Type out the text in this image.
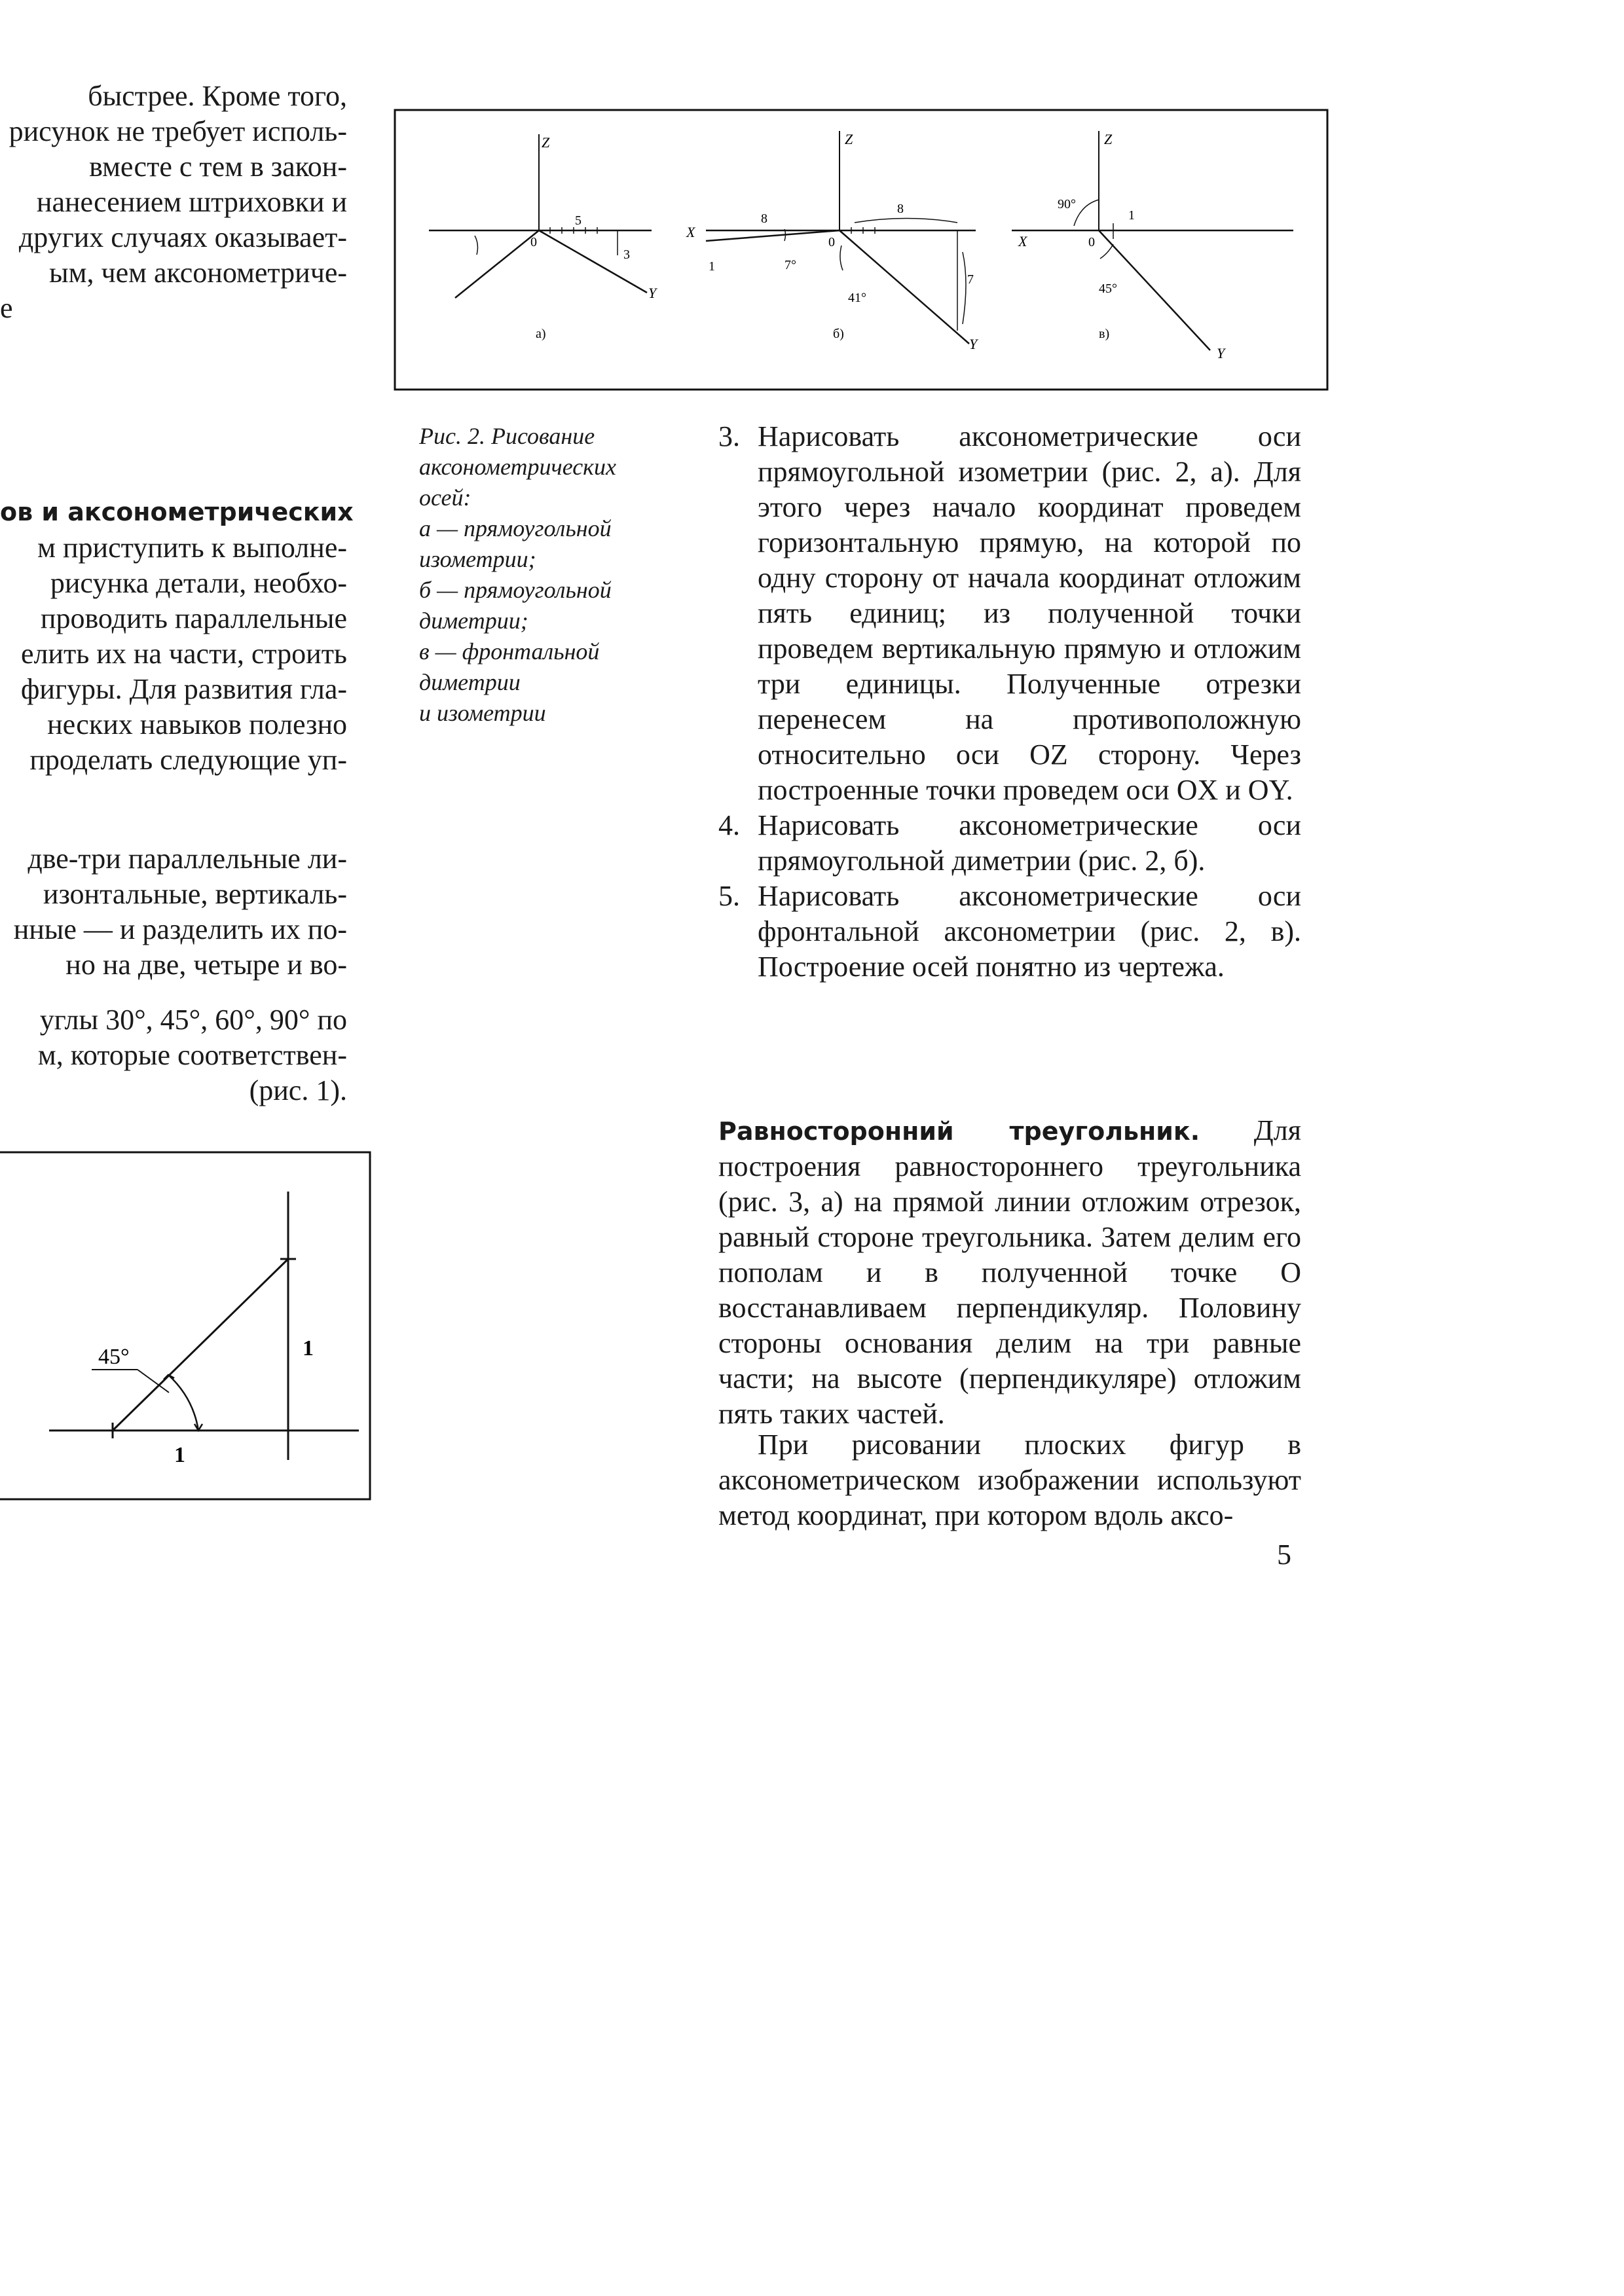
быстрее. Кроме того,
рисунок не требует исполь-
вместе с тем в закон-
нанесением штриховки и
других случаях оказывает-
ым, чем аксонометриче-
е
ов и аксонометрических
м приступить к выполне-
рисунка детали, необхо-
проводить параллельные
елить их на части, строить
фигуры. Для развития гла-
неских навыков полезно
проделать следующие уп-
две-три параллельные ли-
изонтальные, вертикаль-
нные — и разделить их по-
но на две, четыре и во-
углы 30°, 45°, 60°, 90° по
м, которые соответствен-
(рис. 1).
45°	1
1
Z
Y
0
5
3
а)
Z
X
Y
0
8
8
1	7°
41°
7
б)
Z
X
Y
0
90°
1
45°
в)
Рис. 2. Рисование
аксонометрических
осей:
а — прямоугольной
изометрии;
б — прямоугольной
диметрии;
в — фронтальной
диметрии
и изометрии
3. Нарисовать аксонометрические оси прямоугольной изометрии (рис. 2, а). Для этого через начало координат проведем горизонтальную прямую, на которой по одну сторону от начала координат отложим пять единиц; из полученной точки проведем вертикальную прямую и отложим три единицы. Полученные отрезки перенесем на противоположную относительно оси OZ сторону. Через построенные точки проведем оси OX и OY.
4. Нарисовать аксонометрические оси прямоугольной диметрии (рис. 2, б).
5. Нарисовать аксонометрические оси фронтальной аксонометрии (рис. 2, в). Построение осей понятно из чертежа.

Равносторонний треугольник. Для построения равностороннего треугольника (рис. 3, а) на прямой линии отложим отрезок, равный стороне треугольника. Затем делим его пополам и в полученной точке O восстанавливаем перпендикуляр. Половину стороны основания делим на три равные части; на высоте (перпендикуляре) отложим пять таких частей.

При рисовании плоских фигур в аксонометрическом изображении используют метод координат, при котором вдоль аксо-

5
